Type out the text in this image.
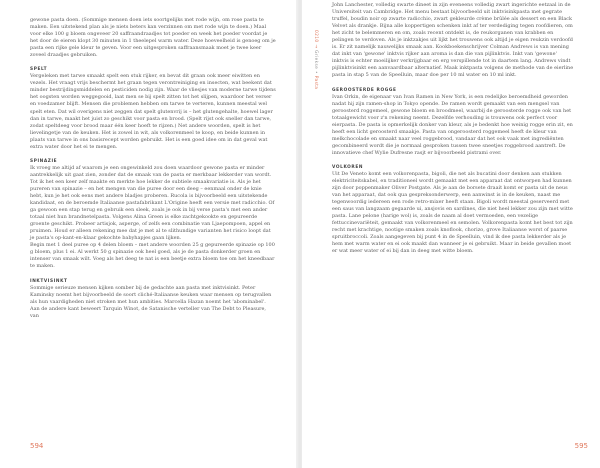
gewone pasta doen. (Sommige mensen doen iets soortgelijks met rode wijn, om rose pasta te maken. Een uitstekend plan als je niets beters kan verzinnen om met rode wijn te doen.) Maal voor elke 100 g bloem ongeveer 20 saffraandraadjes tot poeder en week het poeder voordat je het door de eieren klopt 30 minuten in 1 theelepel warm water. Deze hoeveelheid is genoeg om je pasta een rijke gele kleur te geven. Voor een uitgesproken saffraansmaak moet je twee keer zoveel draadjes gebruiken.

SPELT

Vergeleken met tarwe smaakt spelt een stuk rijker, en bevat dit graan ook meer eiwitten en vezels. Het vraagt vrijs beschermt het graan tegen verontreiniging en insecten, wat beekent dat minder bestrijdingsmiddelen en pesticiden nodig zijn. Waar de vliesjes van moderne tarwe tijdens het oogsten worden weggegooid, laat men se bij spelt zitten tot het slijpen, waardoor het verser en voedzamer blijft. Mensen die problemen hebben om tarwe te verteren, kunnen meestal wel spelt eten. Dat wil overigens niet zeggen dat spelt glutenvrij is – het glutengehalte, hoewel lager dan in tarwe, maakt het juist zo geschikt voor pasta en brood. (Spelt rijst ook sneller dan tarwe, zodat speltdeeg voor brood maar één keer hoeft te rijzen.) Net andere woorden, spelt is het lievelingetje van de keuken. Het is zowel in wit, als volkorenmeel te koop, en beide kunnen in plaats van tarwe in ons basisrecept worden gebruikt. Het is een goed idee om in dat geval wat extra water door het ei te mengen.

SPINAZIE

Ik vroeg me altijd af waarom je een ongewinkeld zou doen waardoor gewone pasta er minder aantrekkelijk uit gaat zien, zonder dat de smaak van de pasta er merkbaar lekkerder van wordt. Tot ik het een keer zelf maakte en merkte hoe lekker de subtiele smaakvariatie is. Als je het pureren van spinazie – en het mengen van die puree door een deeg – eenmaal onder de knie hebt, kun je het ook eens met andere bladjes proberen. Rucola is bijvoorbeeld een uitstekende kandidaat, en de beroemde Italiaanse pastafabrikant L'Origine heeft een versie met radicchio. Of ga gewoon een stap terug en gebruik een sleek, zoals je ook in bij verse pasta's met een ander totaal niet hun brandnetelpasta. Volgens Alina Green is elke zachtgekookte en gepureerde groente geschikt. Probeer artisjok, asperge, of zelfs een combinatie van Ljaepompoen, appel en pruimen. Houd er alleen rekening mee dat je met al te slithundige varianten het risico loopt dat je pasta's op-kant-en-klaar gekochte babyhapjes gaan lijken.

Begin met 1 deel puree op 4 delen bloem – met andere woorden 25 g gepureerde spinazie op 100 g bloem, plus 1 ei. Al werkt 50 g spinazie ook heel goed, als je de pasta donkerder groen en intenser van smaak wilt. Voeg als het deeg te nat is een beetje extra bloem toe om het kneedbaar te maken.

INKTVISINKT

Sommige serieuze mensen kijken somber bij de gedachte aan pasta met inktvisinkt. Peter Kaminsky noemt het bijvoorbeeld de soort cliché-Italiaanse keuken waar mensen op terugvallen als hun vaardigheden niet stroken met hun ambities. Marcella Hazan noemt het 'abominabel'. Aan de andere kant beweert Tarquin Winot, de Satanische verteller van The Debt to Pleasure, van

594
0210 → Griekse • Pasta

John Lanchester, volledig swarte dineet in zijn eveneens volledig zwart ingerichte eetzaal in de Universiteit van Cambridge. Het menu bestaat bijvoorbeeld uit inktvisinkpasta met gegrate truffel, boudin noir op zwarte radicchio, zwart gekleurde crème brûlée als dessert en een Black Velvet als drankje. Bijna alle koppertigen schenken inkt af ter verdediging tegen roofdieren, om het zicht te belemmeren en om, zoals recent ontdekt is, de reukorganen van krabben en pelingen te verdoven. Als je inktzakjes uit lijkt het trouwens ook altijd je eigen reukzin verdoofd is. Er zit namelijk nauwelijks smaak aan. Kookboekenschrijver Colman Andrews is van mening dat inkt van 'gewone' inktvis rijker aan aroma is dan die van pijlinktvis. Inkt van 'gewone' inktvis is echter moeilijker verkrijgbaar en erg verspillende tot in daartem lang. Andrews vindt pijlinktvisinkt een aanvaardbaar alternatief. Maak inktpasta volgens de methode van de eierline pasta in stap 5 van de Speelluin, maar doe per 10 ml water en 10 ml inkt.

GEROOSTERDE ROGGE

Ivan Orkin, de eigenaar van Ivan Ramen in New York, is een redelijke beroemdheid geworden nadat hij zijn ramen-shop in Tokyo opende. De ramen wordt gemaakt van een mengsel van geroosterd roggemeel, gewone bloem en broodmeel, waarbij de geroosterde rogge ook van het totaalgewicht voor z'n rekening neemt. Dezelfde verhouding is trouwens ook perfect voor eierpasta. De pasta is opmerkelijk donker van kleur, als je bedenkt hoe weinig rogge erin zit, en heeft een licht geroosterd smaakje. Pasta van ongeroosterd roggemeel heeft de kleur van melkchocolade en smaakt naar veel roggebrood, vandaar dat het ook vaak met ingrediënten gecombineerd wordt die je normaal gesproken tussen twee sneetjes roggebrood aantreft. De innovatieve chef Wylie Dufresne rasjt er bijvoorbeeld pistrami over.

VOLKOREN

Uit De Veneto komt een volkorenpasta, bigoli, die net als bucatini door denken aan stukken elektriciteitskabel, en traditioneel wordt gemaakt met een apparaat dat ontworpen had kunnen zijn door poppenmaker Oliver Postgate. Als je aan de borsete draait komt er pasta uit de neus van het apparaat, dat ook qua gespreksonderwerp, een aanwinst is in de keuken, naast me tegenwoordig iedereen een rode retro-mixer heeft staan. Bigoli wordt meestal geserveerd met een saus van langzaam gegaarde ui, ansjovis en sardines, die niet heel lekker zou zijn met witte pasta. Lane pelone (harige wol) is, zoals de naam al doet vermoeden, een vezelige fettuccinevariëteit, gemaakt van volkorenmeel en semolen. Volkorenpasta komt het best tot zijn recht met krachtige, nootige smaken zoals knoflook, chorizo, grove Italiaanse worst of paarse spruitbroccoli. Zoals aangegeven bij punt 4 in de Speelluin, vind ik dee pasta lekkerder als je hem met warm water en ei ook maakt dan wanneer je ei gebruikt. Maar in beide gevallen moet er wat meer water of ei bij dan in deeg met witte bloem.

595
